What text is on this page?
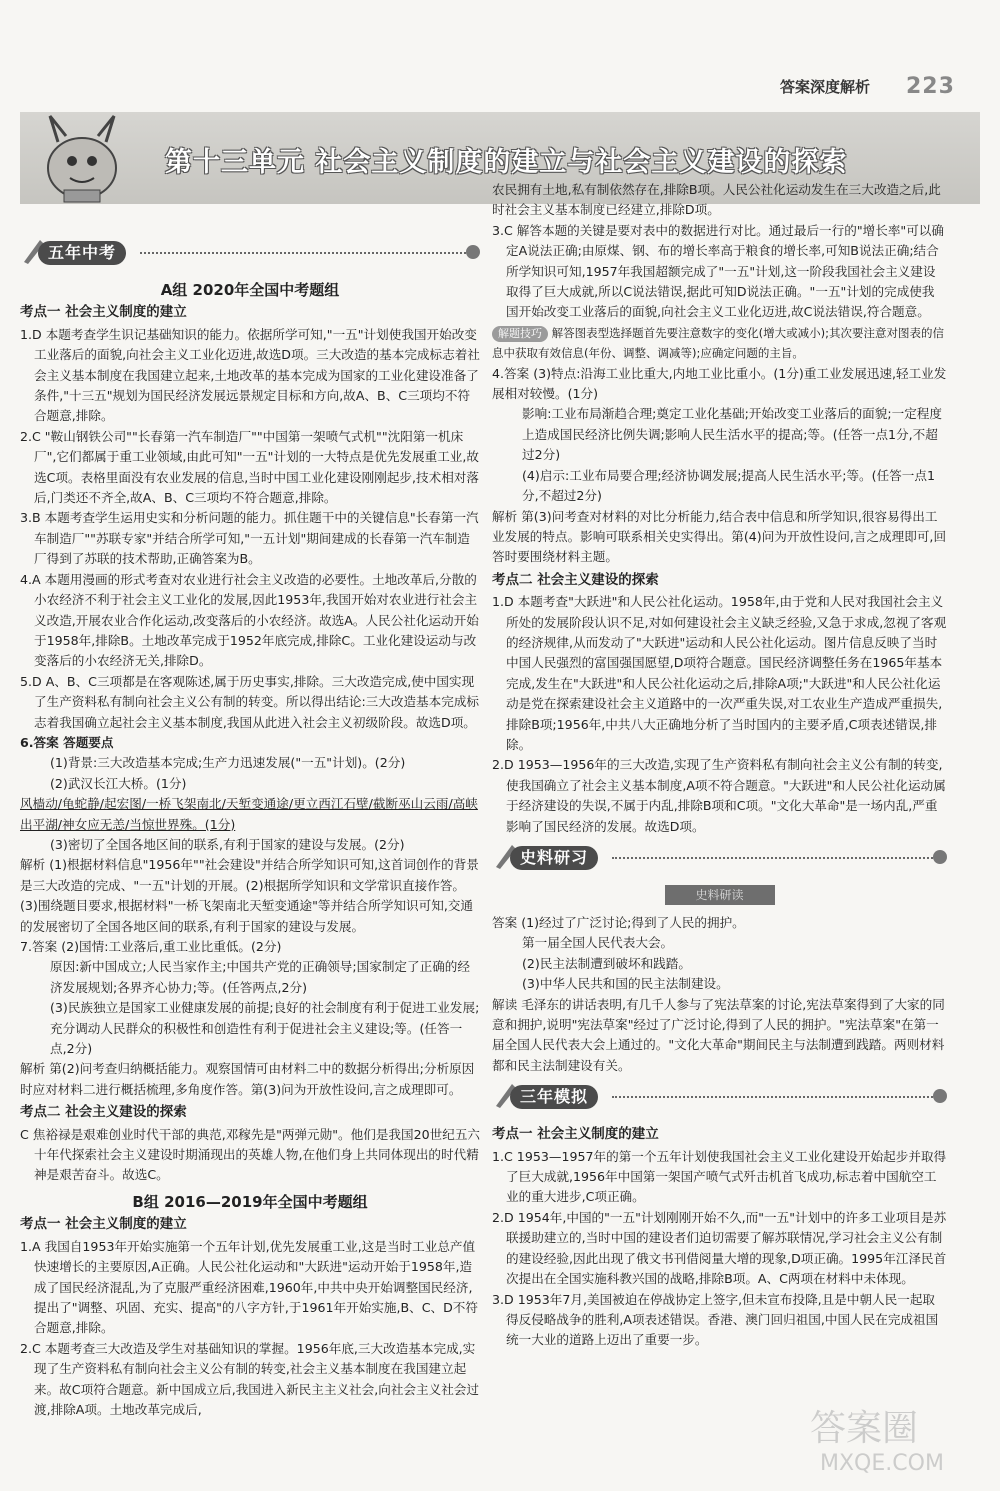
答案深度解析 223
第十三单元 社会主义制度的建立与社会主义建设的探索
五年中考
A组 2020年全国中考题组
考点一 社会主义制度的建立

1.D 本题考查学生识记基础知识的能力。依据所学可知,"一五"计划使我国开始改变工业落后的面貌,向社会主义工业化迈进,故选D项。三大改造的基本完成标志着社会主义基本制度在我国建立起来,土地改革的基本完成为国家的工业化建设准备了条件,"十三五"规划为国民经济发展远景规定目标和方向,故A、B、C三项均不符合题意,排除。

2.C "鞍山钢铁公司""长春第一汽车制造厂""中国第一架喷气式机""沈阳第一机床厂",它们都属于重工业领域,由此可知"一五"计划的一大特点是优先发展重工业,故选C项。表格里面没有农业发展的信息,当时中国工业化建设刚刚起步,技术相对落后,门类还不齐全,故A、B、C三项均不符合题意,排除。

3.B 本题考查学生运用史实和分析问题的能力。抓住题干中的关键信息"长春第一汽车制造厂""苏联专家"并结合所学可知,"一五计划"期间建成的长春第一汽车制造厂得到了苏联的技术帮助,正确答案为B。

4.A 本题用漫画的形式考查对农业进行社会主义改造的必要性。土地改革后,分散的小农经济不利于社会主义工业化的发展,因此1953年,我国开始对农业进行社会主义改造,开展农业合作化运动,改变落后的小农经济。故选A。人民公社化运动开始于1958年,排除B。土地改革完成于1952年底完成,排除C。工业化建设运动与改变落后的小农经济无关,排除D。

5.D A、B、C三项都是在客观陈述,属于历史事实,排除。三大改造完成,使中国实现了生产资料私有制向社会主义公有制的转变。所以得出结论:三大改造基本完成标志着我国确立起社会主义基本制度,我国从此进入社会主义初级阶段。故选D项。

6.答案 答题要点

(1)背景:三大改造基本完成;生产力迅速发展("一五"计划)。(2分)

(2)武汉长江大桥。(1分)

风樯动/龟蛇静/起宏图/一桥飞架南北/天堑变通途/更立西江石壁/截断巫山云雨/高峡出平湖/神女应无恙/当惊世界殊。(1分)

(3)密切了全国各地区间的联系,有利于国家的建设与发展。(2分)

解析 (1)根据材料信息"1956年""社会建设"并结合所学知识可知,这首词创作的背景是三大改造的完成、"一五"计划的开展。(2)根据所学知识和文学常识直接作答。(3)围绕题目要求,根据材料"一桥飞架南北天堑变通途"等并结合所学知识可知,交通的发展密切了全国各地区间的联系,有利于国家的建设与发展。

7.答案 (2)国情:工业落后,重工业比重低。(2分)

原因:新中国成立;人民当家作主;中国共产党的正确领导;国家制定了正确的经济发展规划;各界齐心协力;等。(任答两点,2分)

(3)民族独立是国家工业健康发展的前提;良好的社会制度有利于促进工业发展;充分调动人民群众的积极性和创造性有利于促进社会主义建设;等。(任答一点,2分)

解析 第(2)问考查归纳概括能力。观察国情可由材料二中的数据分析得出;分析原因时应对材料二进行概括梳理,多角度作答。第(3)问为开放性设问,言之成理即可。

考点二 社会主义建设的探索

C 焦裕禄是艰难创业时代干部的典范,邓稼先是"两弹元勋"。他们是我国20世纪五六十年代探索社会主义建设时期涌现出的英雄人物,在他们身上共同体现出的时代精神是艰苦奋斗。故选C。

B组 2016—2019年全国中考题组
考点一 社会主义制度的建立

1.A 我国自1953年开始实施第一个五年计划,优先发展重工业,这是当时工业总产值快速增长的主要原因,A正确。人民公社化运动和"大跃进"运动开始于1958年,造成了国民经济混乱,为了克服严重经济困难,1960年,中共中央开始调整国民经济,提出了"调整、巩固、充实、提高"的八字方针,于1961年开始实施,B、C、D不符合题意,排除。

2.C 本题考查三大改造及学生对基础知识的掌握。1956年底,三大改造基本完成,实现了生产资料私有制向社会主义公有制的转变,社会主义基本制度在我国建立起来。故C项符合题意。新中国成立后,我国进入新民主主义社会,向社会主义社会过渡,排除A项。土地改革完成后,

农民拥有土地,私有制依然存在,排除B项。人民公社化运动发生在三大改造之后,此时社会主义基本制度已经建立,排除D项。

3.C 解答本题的关键是要对表中的数据进行对比。通过最后一行的"增长率"可以确定A说法正确;由原煤、钢、布的增长率高于粮食的增长率,可知B说法正确;结合所学知识可知,1957年我国超额完成了"一五"计划,这一阶段我国社会主义建设取得了巨大成就,所以C说法错误,据此可知D说法正确。"一五"计划的完成使我国开始改变工业落后的面貌,向社会主义工业化迈进,故C说法错误,符合题意。

解题技巧 解答图表型选择题首先要注意数字的变化(增大或减小);其次要注意对图表的信息中获取有效信息(年份、调整、调减等);应确定问题的主旨。

4.答案 (3)特点:沿海工业比重大,内地工业比重小。(1分)重工业发展迅速,轻工业发展相对较慢。(1分)

影响:工业布局渐趋合理;奠定工业化基础;开始改变工业落后的面貌;一定程度上造成国民经济比例失调;影响人民生活水平的提高;等。(任答一点1分,不超过2分)

(4)启示:工业布局要合理;经济协调发展;提高人民生活水平;等。(任答一点1分,不超过2分)

解析 第(3)问考查对材料的对比分析能力,结合表中信息和所学知识,很容易得出工业发展的特点。影响可联系相关史实得出。第(4)问为开放性设问,言之成理即可,回答时要围绕材料主题。

考点二 社会主义建设的探索

1.D 本题考查"大跃进"和人民公社化运动。1958年,由于党和人民对我国社会主义所处的发展阶段认识不足,对如何建设社会主义缺乏经验,又急于求成,忽视了客观的经济规律,从而发动了"大跃进"运动和人民公社化运动。图片信息反映了当时中国人民强烈的富国强国愿望,D项符合题意。国民经济调整任务在1965年基本完成,发生在"大跃进"和人民公社化运动之后,排除A项;"大跃进"和人民公社化运动是党在探索建设社会主义道路中的一次严重失误,对工农业生产造成严重损失,排除B项;1956年,中共八大正确地分析了当时国内的主要矛盾,C项表述错误,排除。

2.D 1953—1956年的三大改造,实现了生产资料私有制向社会主义公有制的转变,使我国确立了社会主义基本制度,A项不符合题意。"大跃进"和人民公社化运动属于经济建设的失误,不属于内乱,排除B项和C项。"文化大革命"是一场内乱,严重影响了国民经济的发展。故选D项。

史料研习
史料研读

答案 (1)经过了广泛讨论;得到了人民的拥护。

第一届全国人民代表大会。

(2)民主法制遭到破坏和践踏。

(3)中华人民共和国的民主法制建设。

解读 毛泽东的讲话表明,有几千人参与了宪法草案的讨论,宪法草案得到了大家的同意和拥护,说明"宪法草案"经过了广泛讨论,得到了人民的拥护。"宪法草案"在第一届全国人民代表大会上通过的。"文化大革命"期间民主与法制遭到践踏。两则材料都和民主法制建设有关。

三年模拟
考点一 社会主义制度的建立

1.C 1953—1957年的第一个五年计划使我国社会主义工业化建设开始起步并取得了巨大成就,1956年中国第一架国产喷气式歼击机首飞成功,标志着中国航空工业的重大进步,C项正确。

2.D 1954年,中国的"一五"计划刚刚开始不久,而"一五"计划中的许多工业项目是苏联援助建立的,当时中国的建设者们迫切需要了解苏联情况,学习社会主义公有制的建设经验,因此出现了俄文书刊借阅量大增的现象,D项正确。1995年江泽民首次提出在全国实施科教兴国的战略,排除B项。A、C两项在材料中未体现。

3.D 1953年7月,美国被迫在停战协定上签字,但未宣布投降,且是中朝人民一起取得反侵略战争的胜利,A项表述错误。香港、澳门回归祖国,中国人民在完成祖国统一大业的道路上迈出了重要一步。

答案圈
MXQE.COM
